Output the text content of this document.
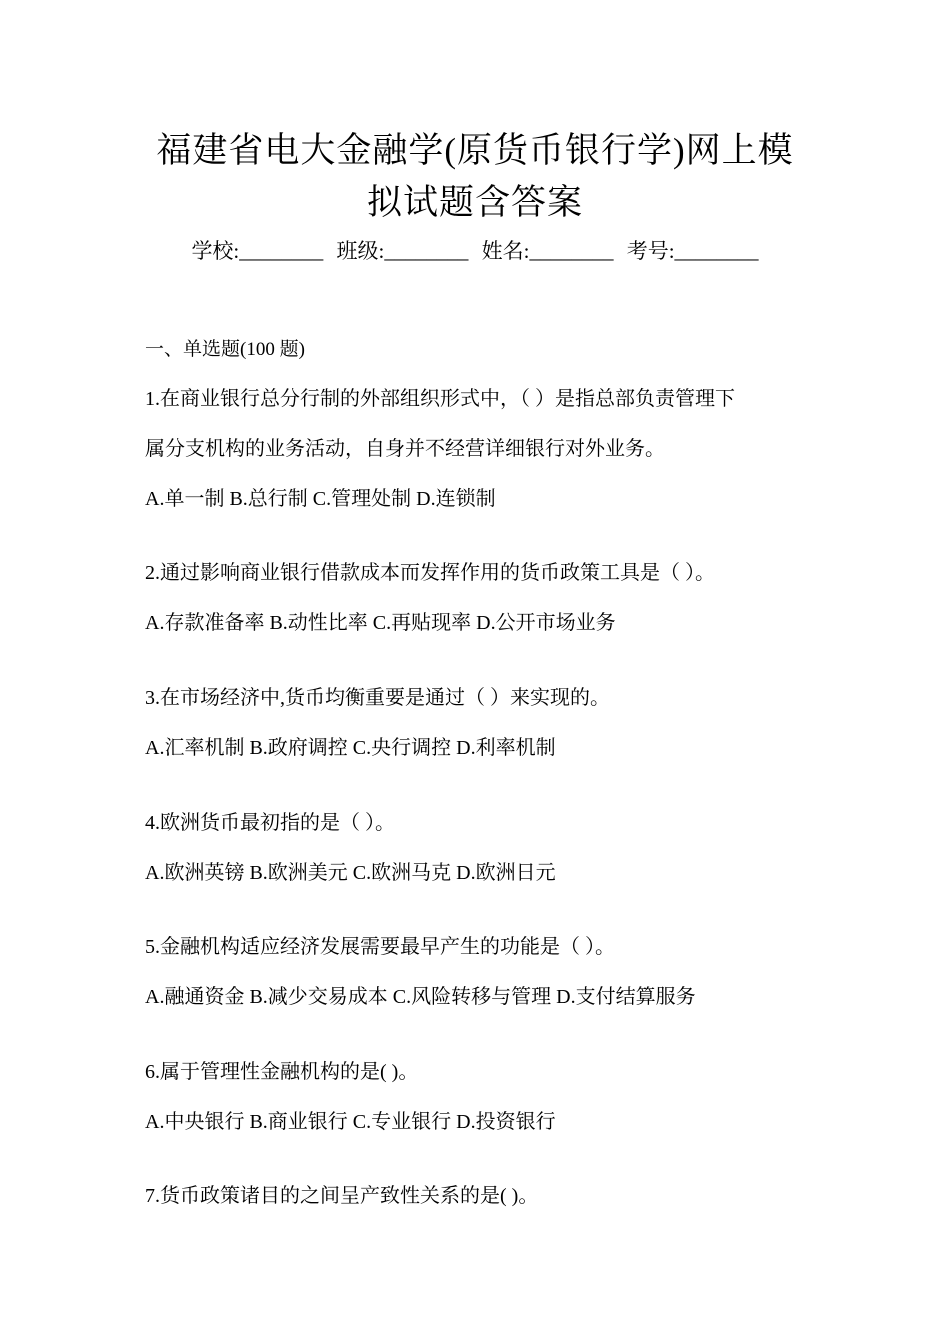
福建省电大金融学(原货币银行学)网上模
拟试题含答案
学校:________ 班级:________ 姓名:________ 考号:________
一、单选题(100 题)
1.在商业银行总分行制的外部组织形式中，（ ）是指总部负责管理下
属分支机构的业务活动，自身并不经营详细银行对外业务。
A.单一制 B.总行制 C.管理处制 D.连锁制
2.通过影响商业银行借款成本而发挥作用的货币政策工具是（ ）。
A.存款准备率 B.动性比率 C.再贴现率 D.公开市场业务
3.在市场经济中,货币均衡重要是通过（ ）来实现的。
A.汇率机制 B.政府调控 C.央行调控 D.利率机制
4.欧洲货币最初指的是（ ）。
A.欧洲英镑 B.欧洲美元 C.欧洲马克 D.欧洲日元
5.金融机构适应经济发展需要最早产生的功能是（ ）。
A.融通资金 B.减少交易成本 C.风险转移与管理 D.支付结算服务
6.属于管理性金融机构的是( )。
A.中央银行 B.商业银行 C.专业银行 D.投资银行
7.货币政策诸目的之间呈产致性关系的是( )。
